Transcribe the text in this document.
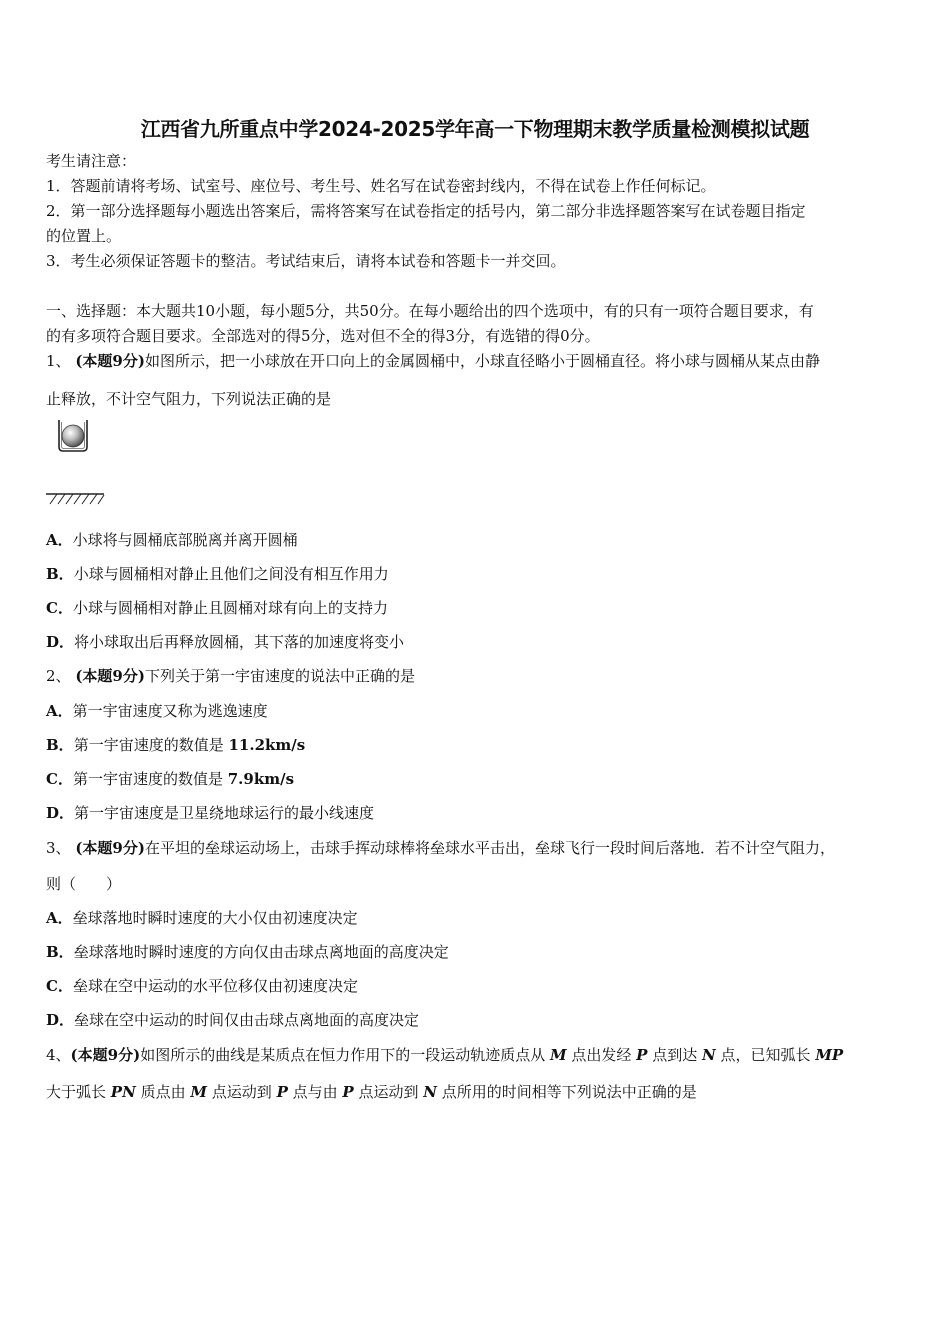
江西省九所重点中学2024-2025学年高一下物理期末教学质量检测模拟试题
考生请注意：
1．答题前请将考场、试室号、座位号、考生号、姓名写在试卷密封线内，不得在试卷上作任何标记。
2．第一部分选择题每小题选出答案后，需将答案写在试卷指定的括号内，第二部分非选择题答案写在试卷题目指定
的位置上。
3．考生必须保证答题卡的整洁。考试结束后，请将本试卷和答题卡一并交回。
一、选择题：本大题共10小题，每小题5分，共50分。在每小题给出的四个选项中，有的只有一项符合题目要求，有
的有多项符合题目要求。全部选对的得5分，选对但不全的得3分，有选错的得0分。
1、 (本题9分)如图所示，把一小球放在开口向上的金属圆桶中，小球直径略小于圆桶直径。将小球与圆桶从某点由静
止释放，不计空气阻力，下列说法正确的是
A．小球将与圆桶底部脱离并离开圆桶
B．小球与圆桶相对静止且他们之间没有相互作用力
C．小球与圆桶相对静止且圆桶对球有向上的支持力
D．将小球取出后再释放圆桶，其下落的加速度将变小
2、 (本题9分)下列关于第一宇宙速度的说法中正确的是
A．第一宇宙速度又称为逃逸速度
B．第一宇宙速度的数值是 11.2km/s
C．第一宇宙速度的数值是 7.9km/s
D．第一宇宙速度是卫星绕地球运行的最小线速度
3、 (本题9分)在平坦的垒球运动场上，击球手挥动球棒将垒球水平击出，垒球飞行一段时间后落地．若不计空气阻力，
则（　　）
A．垒球落地时瞬时速度的大小仅由初速度决定
B．垒球落地时瞬时速度的方向仅由击球点离地面的高度决定
C．垒球在空中运动的水平位移仅由初速度决定
D．垒球在空中运动的时间仅由击球点离地面的高度决定
4、(本题9分)如图所示的曲线是某质点在恒力作用下的一段运动轨迹质点从 M 点出发经 P 点到达 N 点，已知弧长 MP
大于弧长 PN 质点由 M 点运动到 P 点与由 P 点运动到 N 点所用的时间相等下列说法中正确的是
